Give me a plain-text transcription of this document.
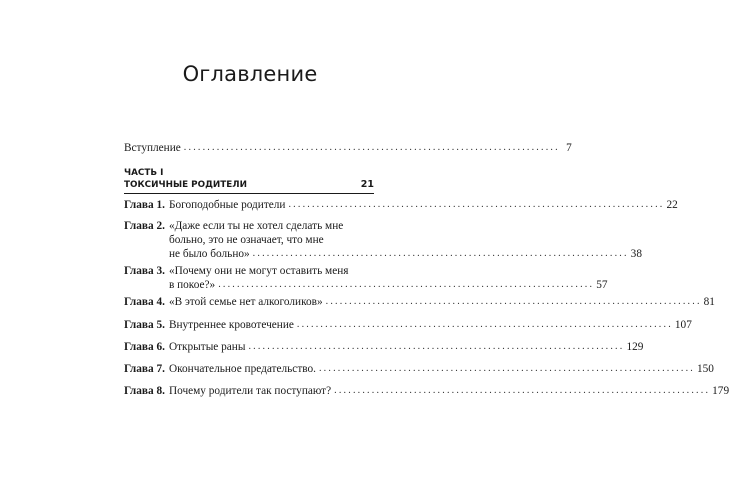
Оглавление
Вступление ................................................................................ 7
ЧАСТЬ I
ТОКСИЧНЫЕ РОДИТЕЛИ	21
Глава 1. Богоподобные родители ................................................................................ 22
Глава 2. «Даже если ты не хотел сделать мне
больно, это не означает, что мне
не было больно» ................................................................................ 38
Глава 3. «Почему они не могут оставить меня
в покое?» ................................................................................ 57
Глава 4. «В этой семье нет алкоголиков» ................................................................................ 81
Глава 5. Внутреннее кровотечение ................................................................................ 107
Глава 6. Открытые раны ................................................................................ 129
Глава 7. Окончательное предательство. ................................................................................ 150
Глава 8. Почему родители так поступают? ................................................................................ 179
